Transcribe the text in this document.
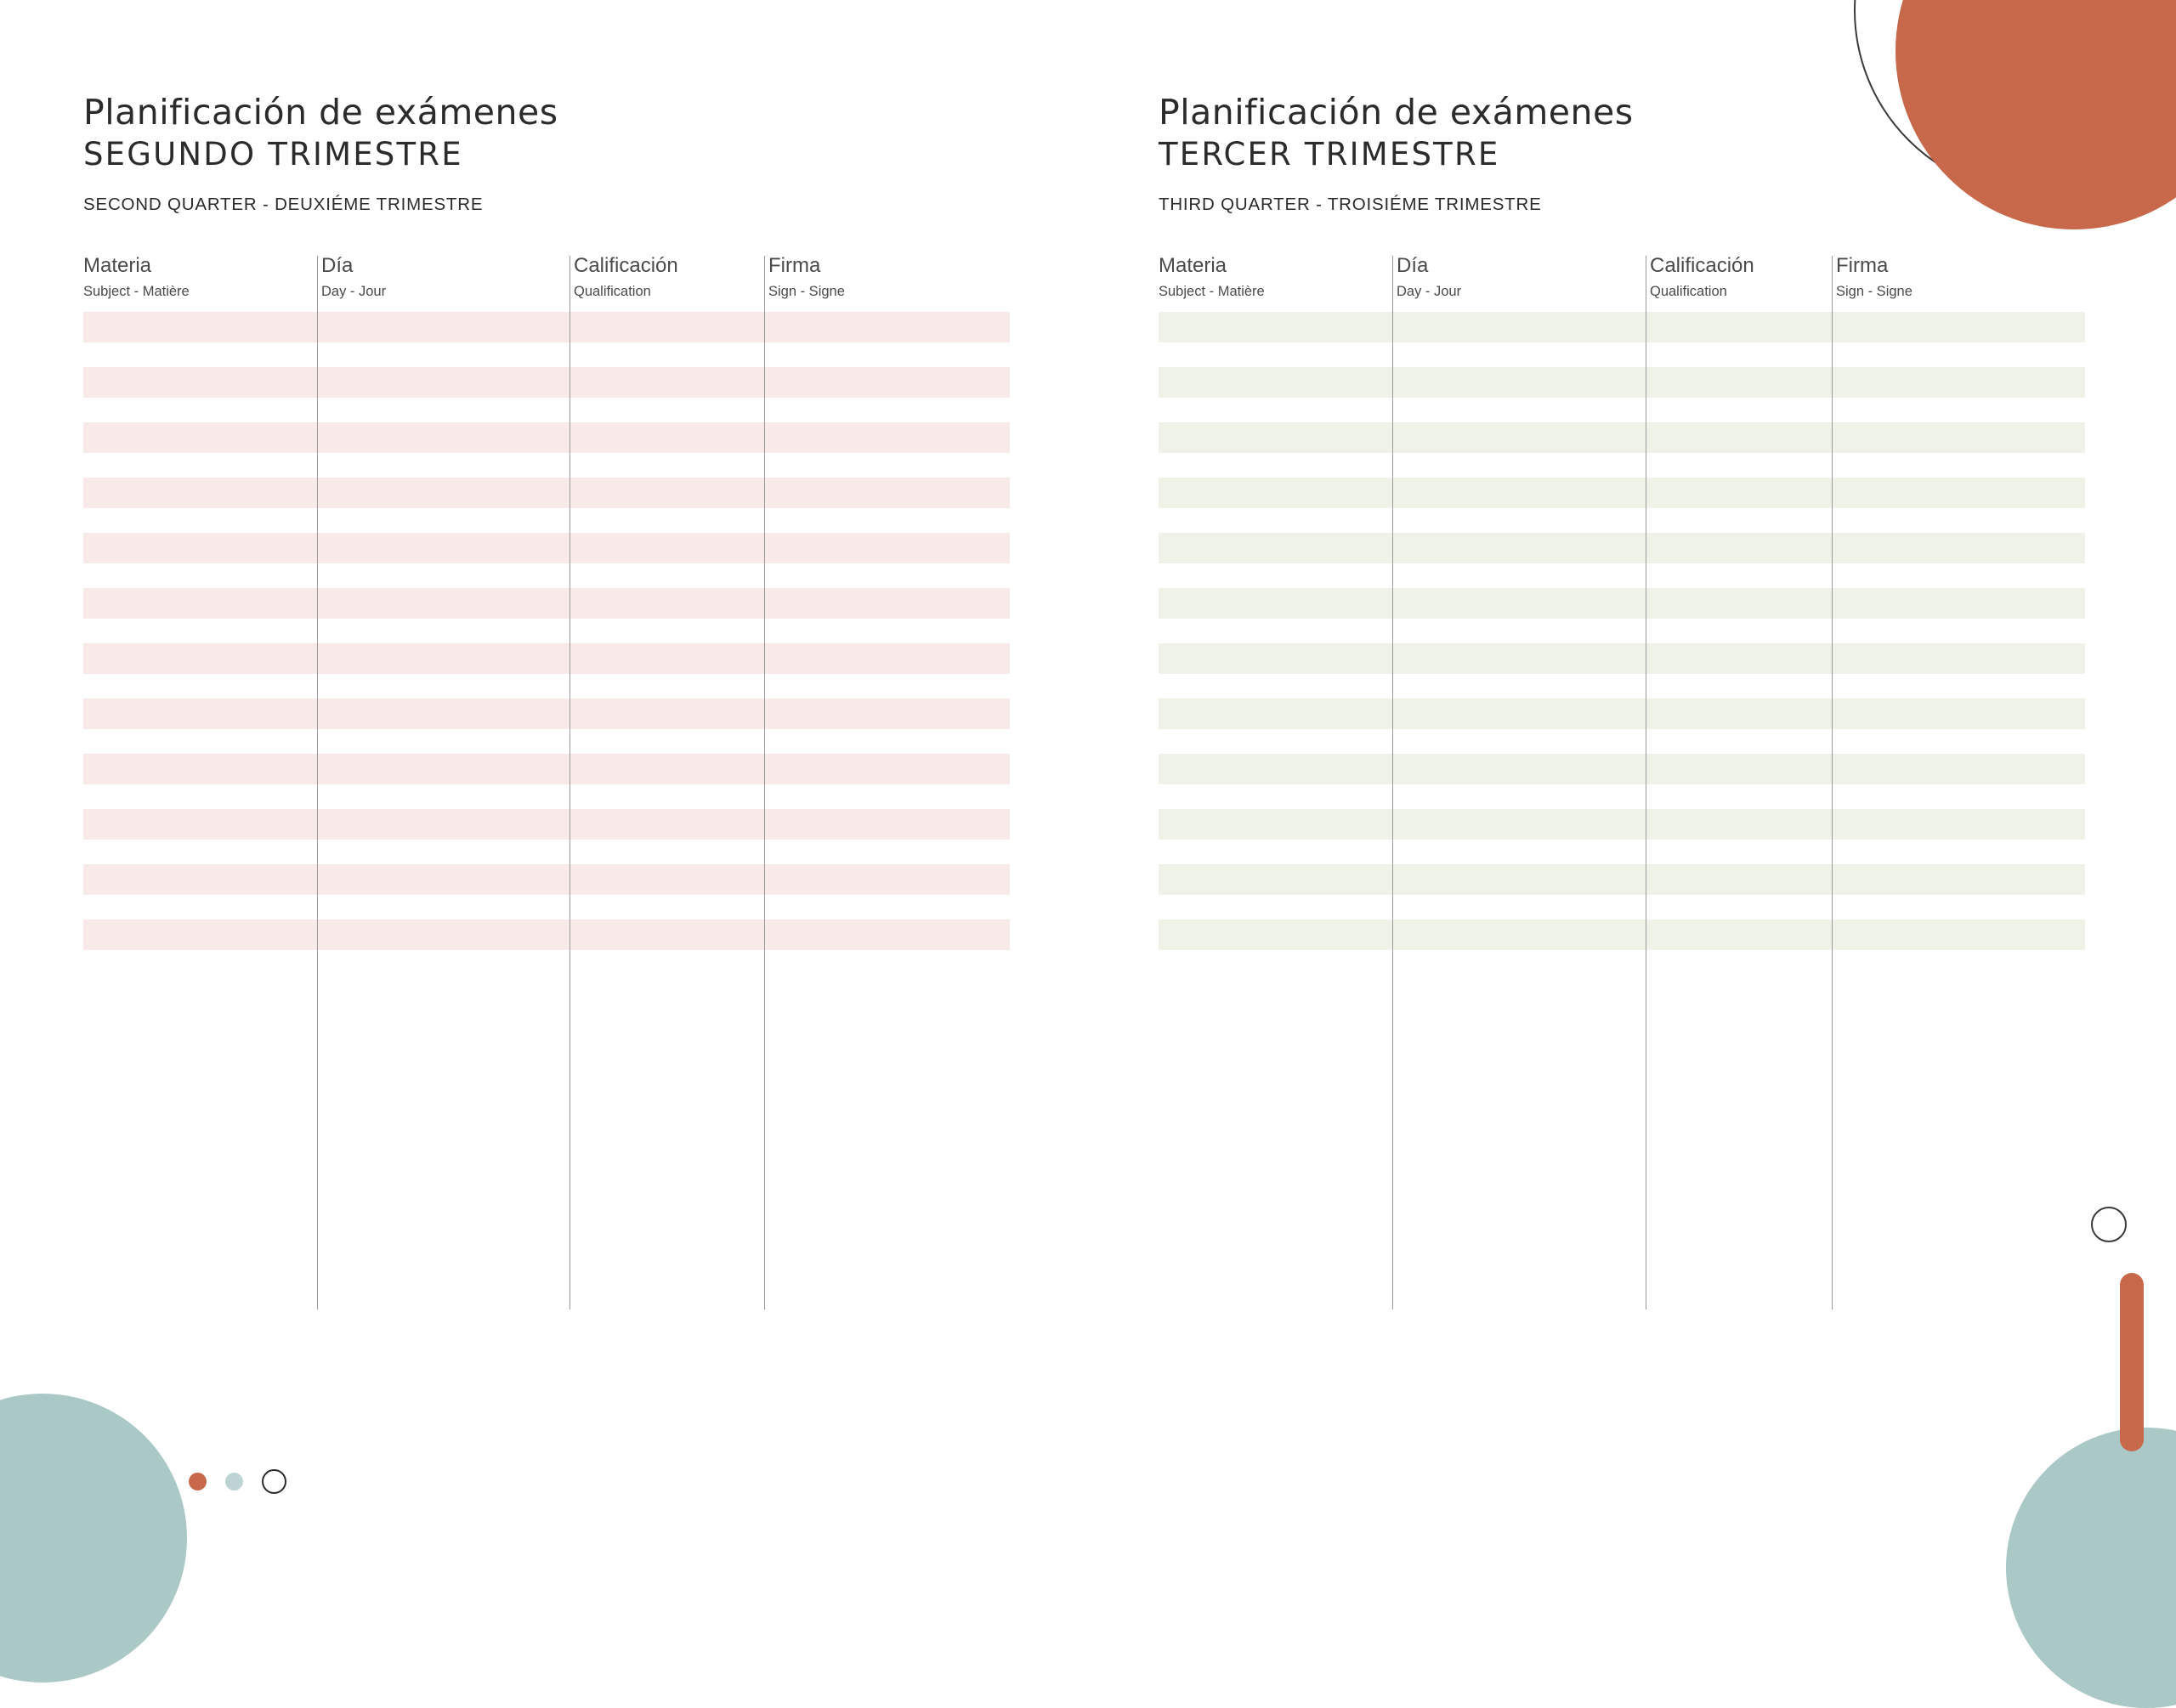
Planificación de exámenes
SEGUNDO TRIMESTRE

SECOND QUARTER - DEUXIÉME TRIMESTRE

Materia
Subject - Matière
Día
Day - Jour
Calificación
Qualification
Firma
Sign - Signe
Planificación de exámenes
TERCER TRIMESTRE

THIRD QUARTER - TROISIÉME TRIMESTRE

Materia
Subject - Matière
Día
Day - Jour
Calificación
Qualification
Firma
Sign - Signe
